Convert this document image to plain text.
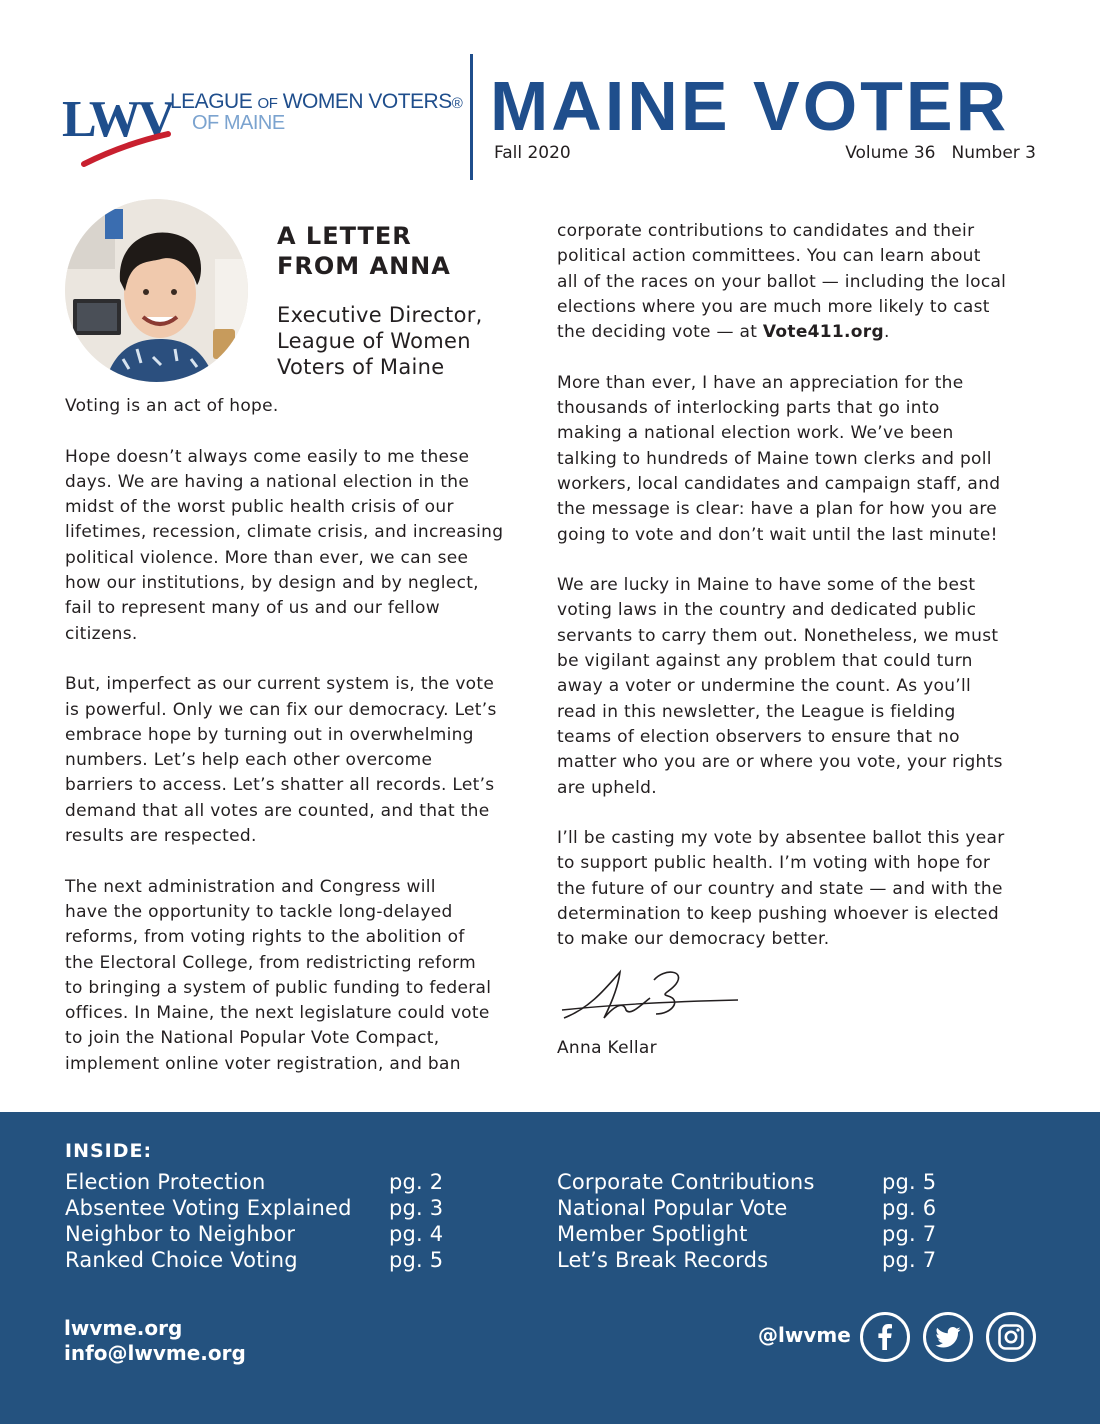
LWV
LEAGUE OF WOMEN VOTERS®
OF MAINE	MAINE VOTER
Fall 2020	Volume 36 Number 3
A LETTER
FROM ANNA
Executive Director,
League of Women
Voters of Maine

Voting is an act of hope.

Hope doesn’t always come easily to me these
days. We are having a national election in the
midst of the worst public health crisis of our
lifetimes, recession, climate crisis, and increasing
political violence. More than ever, we can see
how our institutions, by design and by neglect,
fail to represent many of us and our fellow
citizens.

But, imperfect as our current system is, the vote
is powerful. Only we can fix our democracy. Let’s
embrace hope by turning out in overwhelming
numbers. Let’s help each other overcome
barriers to access. Let’s shatter all records. Let’s
demand that all votes are counted, and that the
results are respected.

The next administration and Congress will
have the opportunity to tackle long-delayed
reforms, from voting rights to the abolition of
the Electoral College, from redistricting reform
to bringing a system of public funding to federal
offices. In Maine, the next legislature could vote
to join the National Popular Vote Compact,
implement online voter registration, and ban

corporate contributions to candidates and their
political action committees. You can learn about
all of the races on your ballot — including the local
elections where you are much more likely to cast
the deciding vote — at Vote411.org.

More than ever, I have an appreciation for the
thousands of interlocking parts that go into
making a national election work. We’ve been
talking to hundreds of Maine town clerks and poll
workers, local candidates and campaign staff, and
the message is clear: have a plan for how you are
going to vote and don’t wait until the last minute!

We are lucky in Maine to have some of the best
voting laws in the country and dedicated public
servants to carry them out. Nonetheless, we must
be vigilant against any problem that could turn
away a voter or undermine the count. As you’ll
read in this newsletter, the League is fielding
teams of election observers to ensure that no
matter who you are or where you vote, your rights
are upheld.

I’ll be casting my vote by absentee ballot this year
to support public health. I’m voting with hope for
the future of our country and state — and with the
determination to keep pushing whoever is elected
to make our democracy better.

Anna Kellar
INSIDE:
Election Protection	pg. 2
Absentee Voting Explained pg. 3
Neighbor to Neighbor	pg. 4
Ranked Choice Voting	pg. 5
Corporate Contributions	pg. 5
National Popular Vote	pg. 6
Member Spotlight	pg. 7
Let’s Break Records	pg. 7
lwvme.org
info@lwvme.org
@lwvme
